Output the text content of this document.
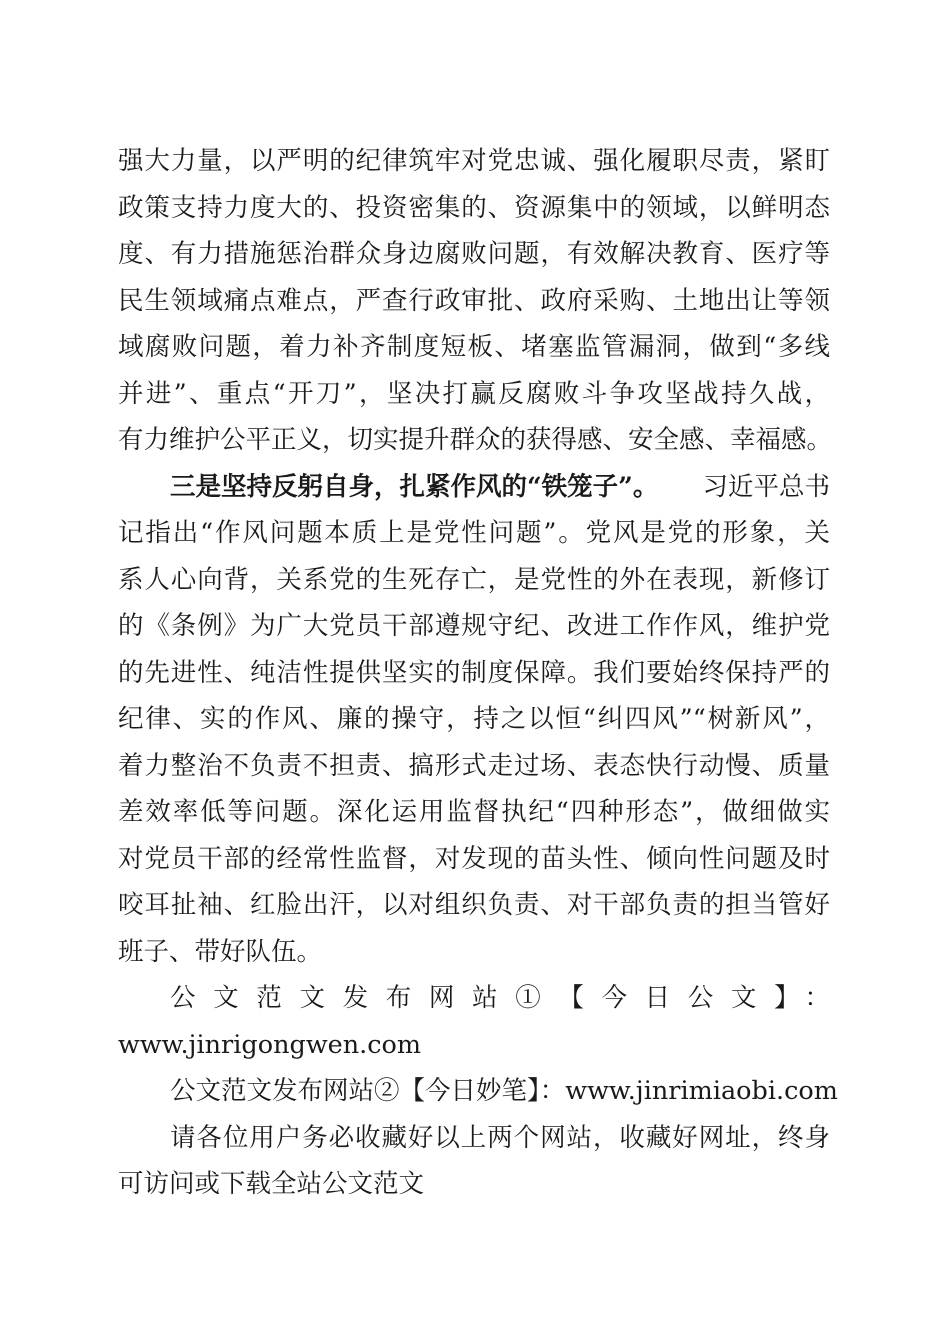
强大力量，以严明的纪律筑牢对党忠诚、强化履职尽责，紧盯
政策支持力度大的、投资密集的、资源集中的领域，以鲜明态
度、有力措施惩治群众身边腐败问题，有效解决教育、医疗等
民生领域痛点难点，严查行政审批、政府采购、土地出让等领
域腐败问题，着力补齐制度短板、堵塞监管漏洞，做到“多线
并进”、重点“开刀”，坚决打赢反腐败斗争攻坚战持久战，
有力维护公平正义，切实提升群众的获得感、安全感、幸福感。
三是坚持反躬自身，扎紧作风的“铁笼子”。 习近平总书
记指出“作风问题本质上是党性问题”。党风是党的形象，关
系人心向背，关系党的生死存亡，是党性的外在表现，新修订
的《条例》为广大党员干部遵规守纪、改进工作作风，维护党
的先进性、纯洁性提供坚实的制度保障。我们要始终保持严的
纪律、实的作风、廉的操守，持之以恒“纠四风”“树新风”，
着力整治不负责不担责、搞形式走过场、表态快行动慢、质量
差效率低等问题。深化运用监督执纪“四种形态”，做细做实
对党员干部的经常性监督，对发现的苗头性、倾向性问题及时
咬耳扯袖、红脸出汗，以对组织负责、对干部负责的担当管好
班子、带好队伍。
公文范文发布网站①【今日公文】：
www.jinrigongwen.com
公文范文发布网站②【今日妙笔】：www.jinrimiaobi.com
请各位用户务必收藏好以上两个网站，收藏好网址，终身
可访问或下载全站公文范文
